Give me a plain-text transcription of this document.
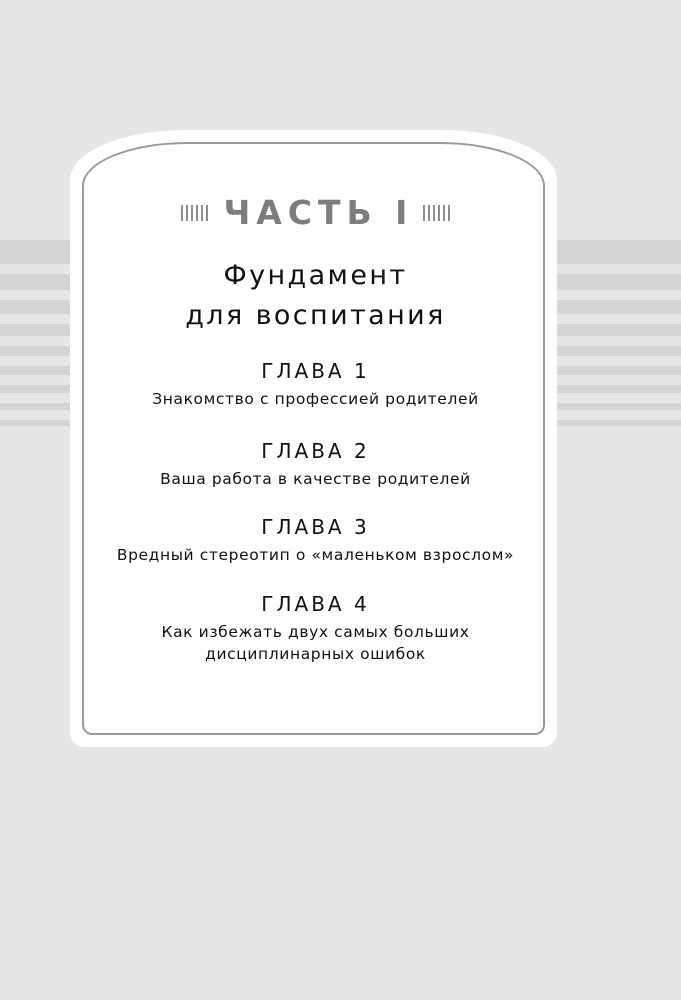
ЧАСТЬ I
Фундамент
для воспитания
ГЛАВА 1
Знакомство с профессией родителей
ГЛАВА 2
Ваша работа в качестве родителей
ГЛАВА 3
Вредный стереотип о «маленьком взрослом»
ГЛАВА 4
Как избежать двух самых больших
дисциплинарных ошибок
